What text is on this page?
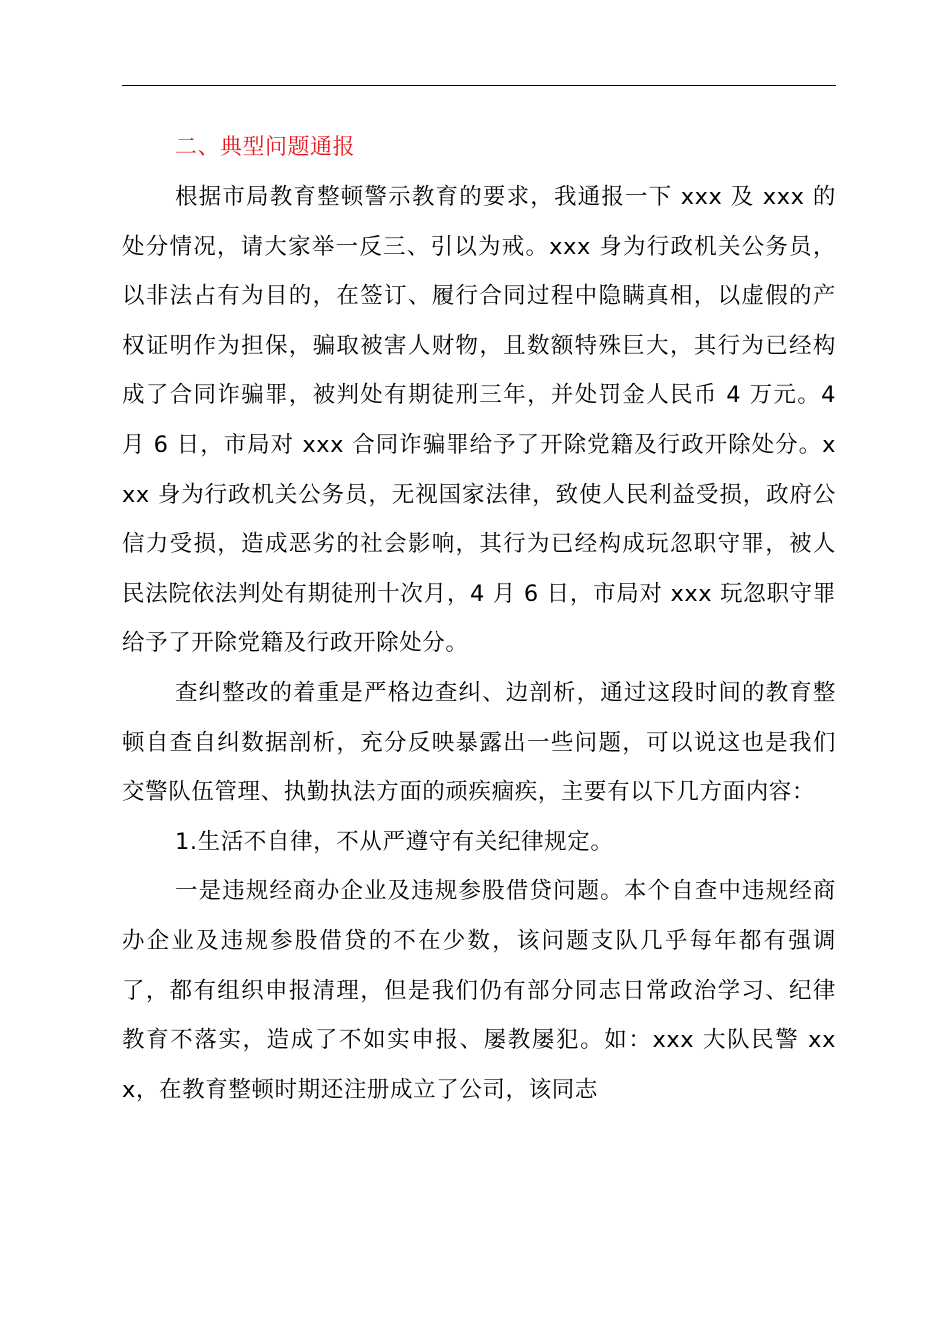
二、典型问题通报

根据市局教育整顿警示教育的要求，我通报一下 xxx 及 xxx 的处分情况，请大家举一反三、引以为戒。xxx 身为行政机关公务员，以非法占有为目的，在签订、履行合同过程中隐瞒真相，以虚假的产权证明作为担保，骗取被害人财物，且数额特殊巨大，其行为已经构成了合同诈骗罪，被判处有期徒刑三年，并处罚金人民币 4 万元。4 月 6 日，市局对 xxx 合同诈骗罪给予了开除党籍及行政开除处分。xxx 身为行政机关公务员，无视国家法律，致使人民利益受损，政府公信力受损，造成恶劣的社会影响，其行为已经构成玩忽职守罪，被人民法院依法判处有期徒刑十次月，4 月 6 日，市局对 xxx 玩忽职守罪给予了开除党籍及行政开除处分。

查纠整改的着重是严格边查纠、边剖析，通过这段时间的教育整顿自查自纠数据剖析，充分反映暴露出一些问题，可以说这也是我们交警队伍管理、执勤执法方面的顽疾痼疾，主要有以下几方面内容：

1.生活不自律，不从严遵守有关纪律规定。

一是违规经商办企业及违规参股借贷问题。本个自查中违规经商办企业及违规参股借贷的不在少数，该问题支队几乎每年都有强调了，都有组织申报清理，但是我们仍有部分同志日常政治学习、纪律教育不落实，造成了不如实申报、屡教屡犯。如：xxx 大队民警 xxx，在教育整顿时期还注册成立了公司，该同志
